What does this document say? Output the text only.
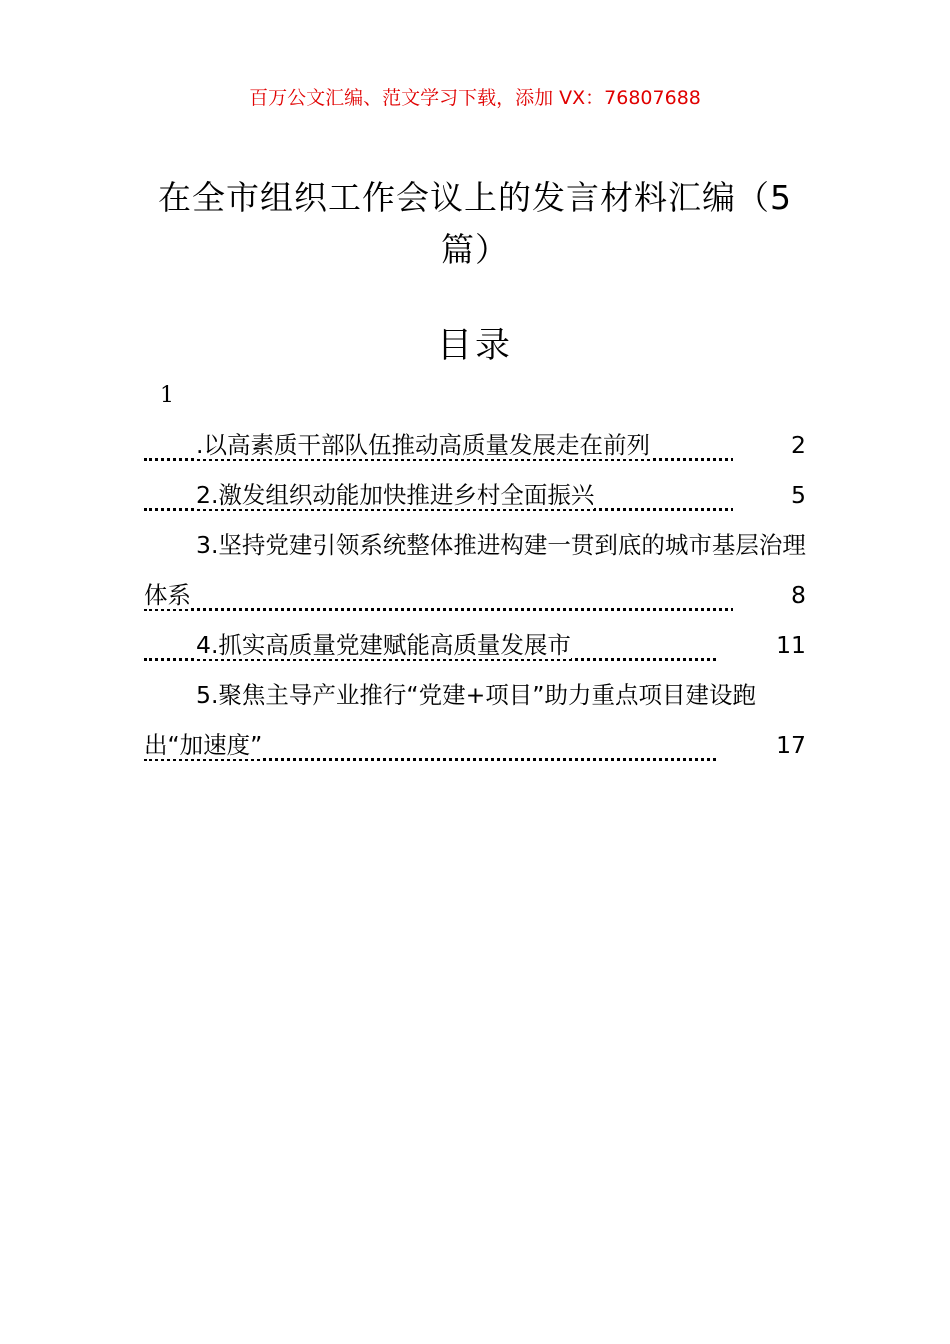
百万公文汇编、范文学习下载，添加 VX：76807688
在全市组织工作会议上的发言材料汇编（5篇）
目录
1
.以高素质干部队伍推动高质量发展走在前列	2
2.激发组织动能加快推进乡村全面振兴	5
3.坚持党建引领系统整体推进构建一贯到底的城市基层治理体系	8
4.抓实高质量党建赋能高质量发展市	11
5.聚焦主导产业推行“党建+项目”助力重点项目建设跑出“加速度”	17
